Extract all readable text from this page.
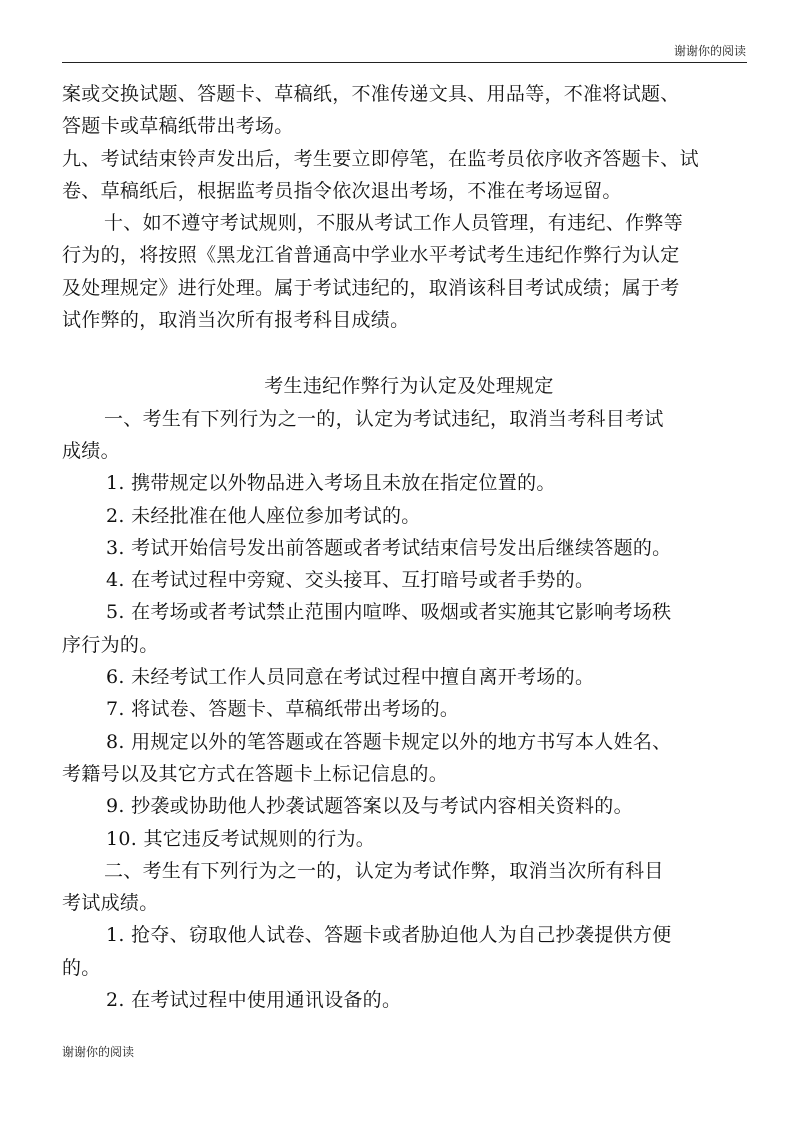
谢谢你的阅读
案或交换试题、答题卡、草稿纸，不准传递文具、用品等，不准将试题、
答题卡或草稿纸带出考场。
九、考试结束铃声发出后，考生要立即停笔，在监考员依序收齐答题卡、试
卷、草稿纸后，根据监考员指令依次退出考场，不准在考场逗留。
十、如不遵守考试规则，不服从考试工作人员管理，有违纪、作弊等
行为的，将按照《黑龙江省普通高中学业水平考试考生违纪作弊行为认定
及处理规定》进行处理。属于考试违纪的，取消该科目考试成绩；属于考
试作弊的，取消当次所有报考科目成绩。
考生违纪作弊行为认定及处理规定
一、考生有下列行为之一的，认定为考试违纪，取消当考科目考试
成绩。
1. 携带规定以外物品进入考场且未放在指定位置的。
2. 未经批准在他人座位参加考试的。
3. 考试开始信号发出前答题或者考试结束信号发出后继续答题的。
4. 在考试过程中旁窥、交头接耳、互打暗号或者手势的。
5. 在考场或者考试禁止范围内喧哗、吸烟或者实施其它影响考场秩
序行为的。
6. 未经考试工作人员同意在考试过程中擅自离开考场的。
7. 将试卷、答题卡、草稿纸带出考场的。
8. 用规定以外的笔答题或在答题卡规定以外的地方书写本人姓名、
考籍号以及其它方式在答题卡上标记信息的。
9. 抄袭或协助他人抄袭试题答案以及与考试内容相关资料的。
10. 其它违反考试规则的行为。
二、考生有下列行为之一的，认定为考试作弊，取消当次所有科目
考试成绩。
1. 抢夺、窃取他人试卷、答题卡或者胁迫他人为自己抄袭提供方便
的。
2. 在考试过程中使用通讯设备的。
谢谢你的阅读
